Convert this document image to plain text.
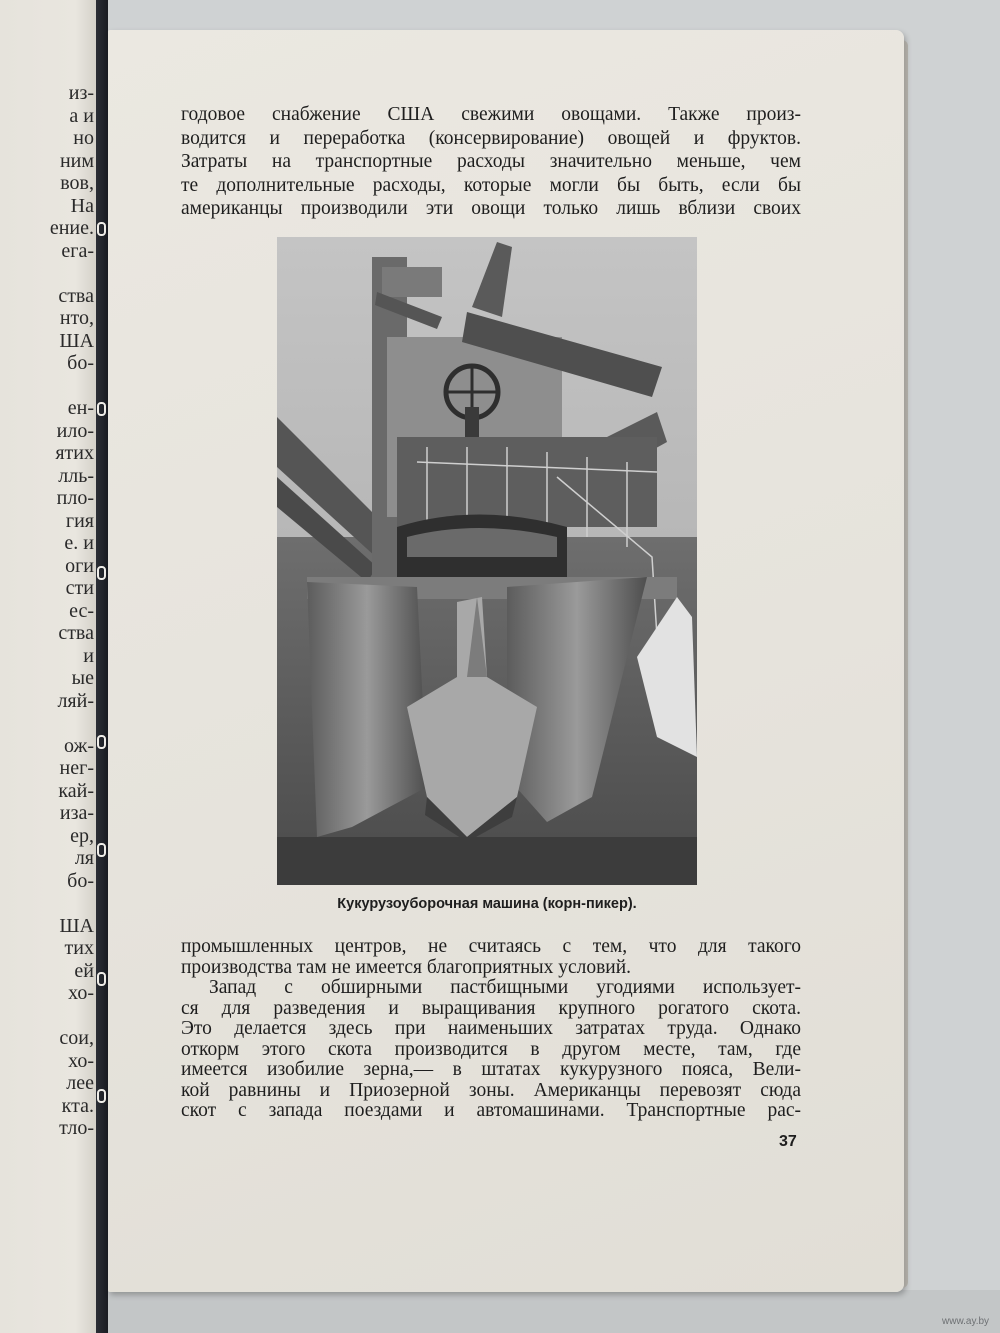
из-
а и
но
ним
вов,
На
ение.
ега-
ства
нто,
ША
бо-
ен-
ило-
ятих
лль-
пло-
гия
е. и
оги
сти
ес-
ства
и
ые
ляй-
ож-
нег-
кай-
иза-
ер,
ля
бо-
ША
тих
ей
хо-
сои,
хо-
лее
кта.
тло-
годовое снабжение США свежими овощами. Также произ-
водится и переработка (консервирование) овощей и фруктов.
Затраты на транспортные расходы значительно меньше, чем
те дополнительные расходы, которые могли бы быть, если бы
американцы производили эти овощи только лишь вблизи своих
Кукурузоуборочная машина (корн-пикер).
промышленных центров, не считаясь с тем, что для такого
производства там не имеется благоприятных условий.
Запад с обширными пастбищными угодиями использует-
ся для разведения и выращивания крупного рогатого скота.
Это делается здесь при наименьших затратах труда. Однако
откорм этого скота производится в другом месте, там, где
имеется изобилие зерна,— в штатах кукурузного пояса, Вели-
кой равнины и Приозерной зоны. Американцы перевозят сюда
скот с запада поездами и автомашинами. Транспортные рас-
37
www.ay.by
